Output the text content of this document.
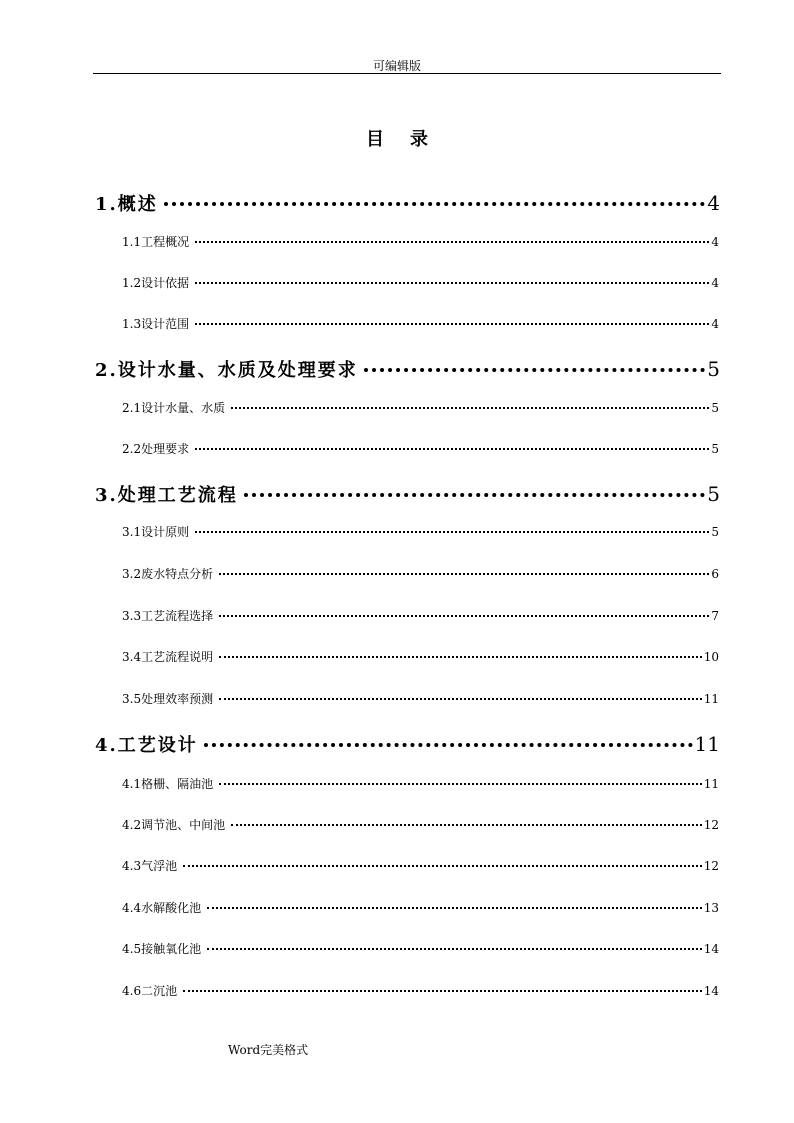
可编辑版
目录
1.概述	4
1.1工程概况	4
1.2设计依据	4
1.3设计范围	4
2.设计水量、水质及处理要求	5
2.1设计水量、水质	5
2.2处理要求	5
3.处理工艺流程	5
3.1设计原则	5
3.2废水特点分析	6
3.3工艺流程选择	7
3.4工艺流程说明	10
3.5处理效率预测	11
4.工艺设计	11
4.1格栅、隔油池	11
4.2调节池、中间池	12
4.3气浮池	12
4.4水解酸化池	13
4.5接触氧化池	14
4.6二沉池	14
Word完美格式
